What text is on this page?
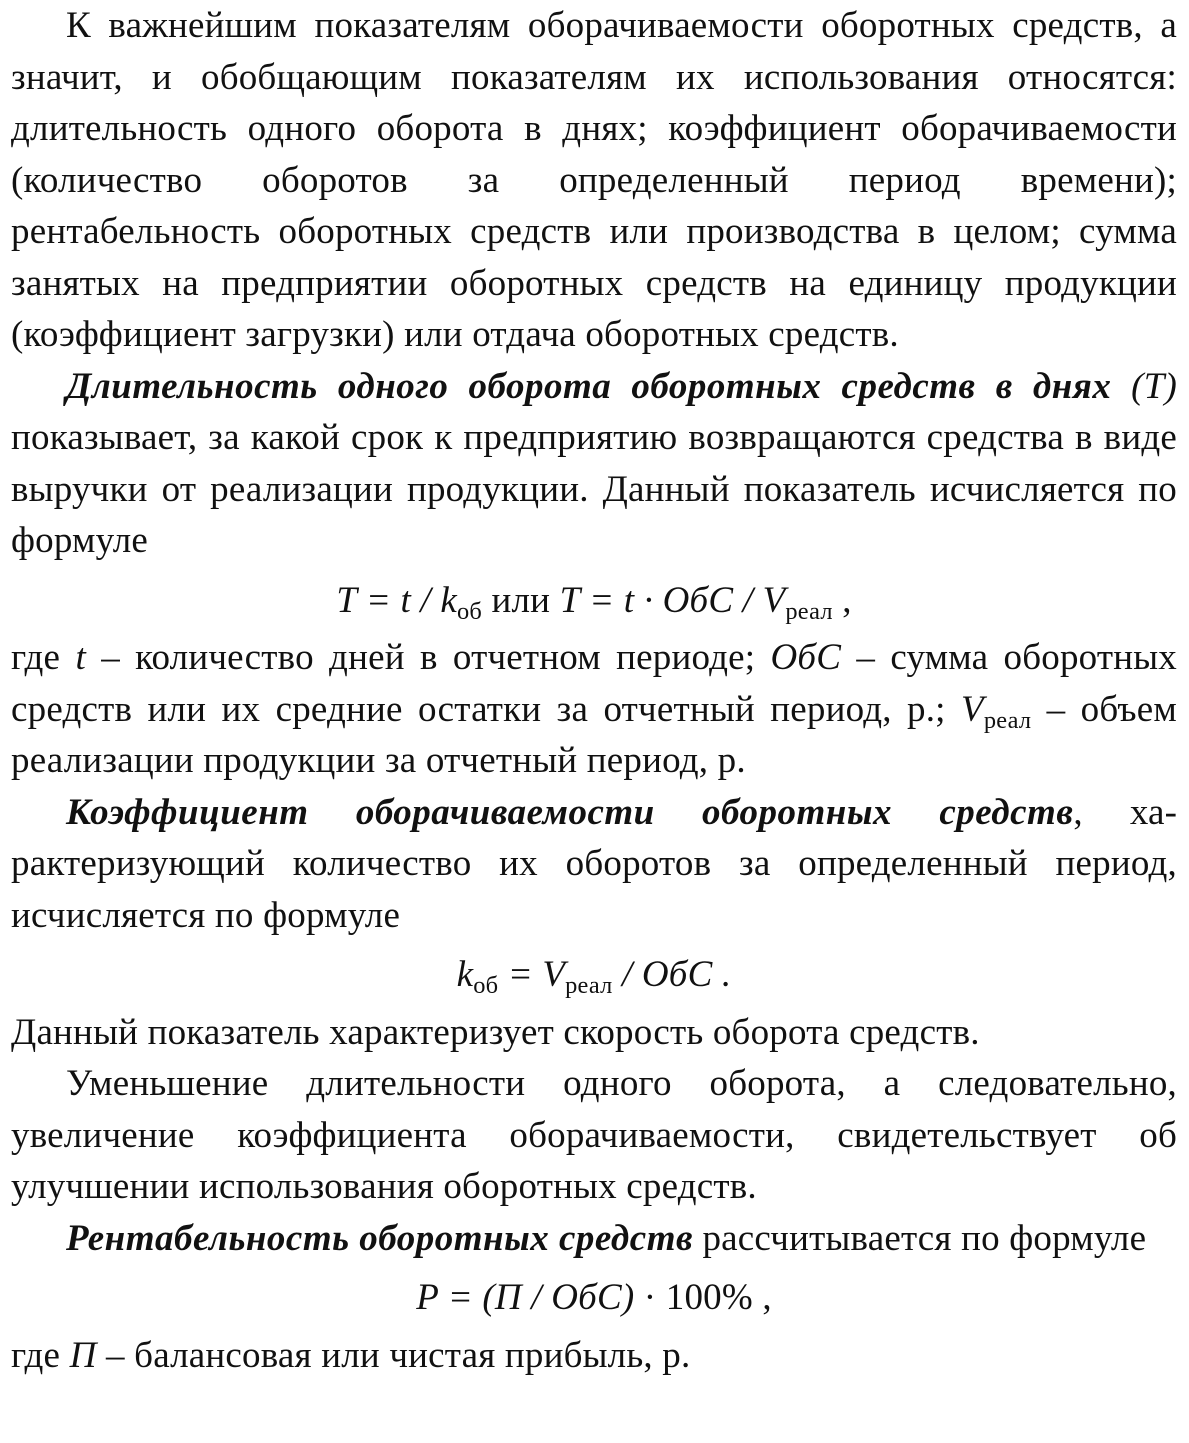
К важнейшим показателям оборачиваемости оборотных средств, а значит, и обобщающим показателям их использования относятся: длительность одного оборота в днях; коэффициент оборачиваемости (количество оборотов за определенный период времени); рентабельность оборотных средств или производства в целом; сумма занятых на предприятии оборотных средств на единицу продукции (коэффициент загрузки) или отдача оборотных средств.

Длительность одного оборота оборотных средств в днях (T) показывает, за какой срок к предприятию возвращаются средства в виде выручки от реализации продукции. Данный показатель исчисляется по формуле

$T = t / k_{об}$ или T = t · ОбС / $V_{реал}$ ,

где t – количество дней в отчетном периоде; ОбС – сумма оборотных средств или их средние остатки за отчетный период, р.; $V_{реал}$ – объем реализации продукции за отчетный период, р.

Коэффициент оборачиваемости оборотных средств, характеризующий количество их оборотов за определенный период, исчисляется по формуле

$k_{об} = V_{реал}$ / ОбС .

Данный показатель характеризует скорость оборота средств.

Уменьшение длительности одного оборота, а следовательно, увеличение коэффициента оборачиваемости, свидетельствует об улучшении использования оборотных средств.

Рентабельность оборотных средств рассчитывается по формуле

P = (П / ОбС) · 100% ,

где П – балансовая или чистая прибыль, р.
